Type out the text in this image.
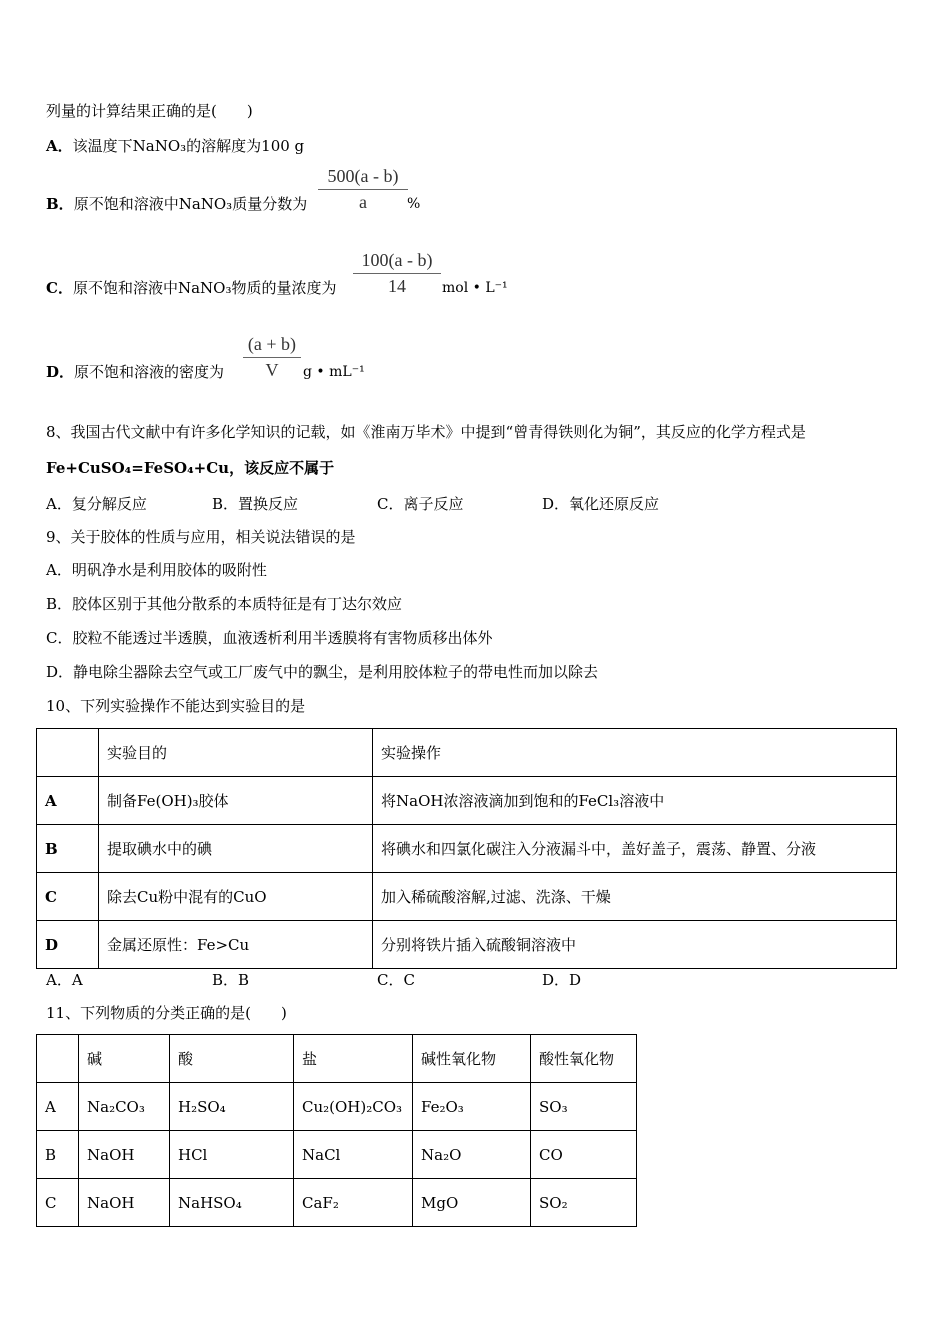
列量的计算结果正确的是(　　)
A．该温度下NaNO₃的溶解度为100 g
B．原不饱和溶液中NaNO₃质量分数为 $\frac{500(a - b)}{a}$ %
C．原不饱和溶液中NaNO₃物质的量浓度为 $\frac{100(a - b)}{14}$ mol • L⁻¹
D．原不饱和溶液的密度为 $\frac{(a + b)}{V}$ g • mL⁻¹
8、我国古代文献中有许多化学知识的记载，如《淮南万毕术》中提到“曾青得铁则化为铜”，其反应的化学方程式是
Fe+CuSO₄=FeSO₄+Cu，该反应不属于
A．复分解反应	B．置换反应	C．离子反应	D．氧化还原反应
9、关于胶体的性质与应用，相关说法错误的是
A．明矾净水是利用胶体的吸附性
B．胶体区别于其他分散系的本质特征是有丁达尔效应
C．胶粒不能透过半透膜，血液透析利用半透膜将有害物质移出体外
D．静电除尘器除去空气或工厂废气中的飘尘，是利用胶体粒子的带电性而加以除去
10、下列实验操作不能达到实验目的是
	实验目的	实验操作
A	制备Fe(OH)₃胶体	将NaOH浓溶液滴加到饱和的FeCl₃溶液中
B	提取碘水中的碘	将碘水和四氯化碳注入分液漏斗中，盖好盖子，震荡、静置、分液
C	除去Cu粉中混有的CuO	加入稀硫酸溶解,过滤、洗涤、干燥
D	金属还原性：Fe>Cu	分别将铁片插入硫酸铜溶液中
A．A	B．B	C．C	D．D
11、下列物质的分类正确的是(　　)
	碱	酸	盐	碱性氧化物	酸性氧化物
A	Na₂CO₃	H₂SO₄	Cu₂(OH)₂CO₃	Fe₂O₃	SO₃
B	NaOH	HCl	NaCl	Na₂O	CO
C	NaOH	NaHSO₄	CaF₂	MgO	SO₂
